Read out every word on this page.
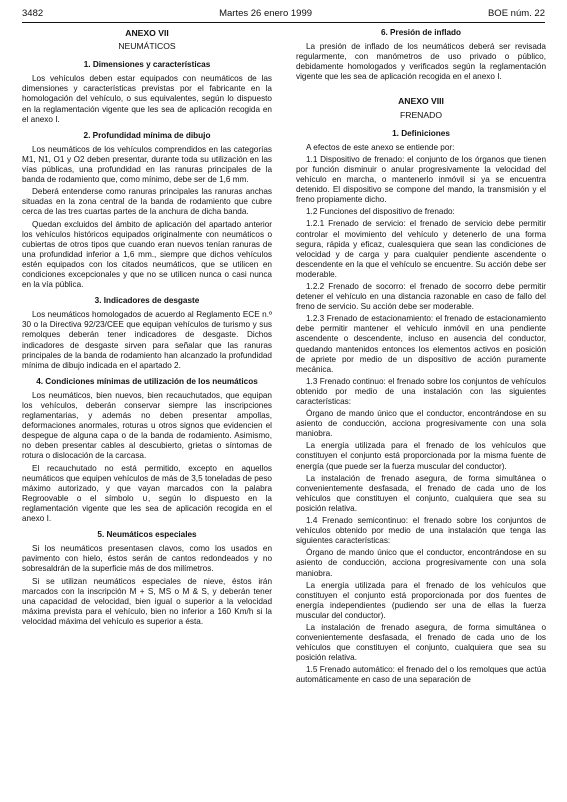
3482	Martes 26 enero 1999	BOE núm. 22
ANEXO VII
NEUMÁTICOS
1. Dimensiones y características

Los vehículos deben estar equipados con neumáticos de las dimensiones y características previstas por el fabricante en la homologación del vehículo, o sus equivalentes, según lo dispuesto en la reglamentación vigente que les sea de aplicación recogida en el anexo I.

2. Profundidad mínima de dibujo

Los neumáticos de los vehículos comprendidos en las categorías M1, N1, O1 y O2 deben presentar, durante toda su utilización en las vías públicas, una profundidad en las ranuras principales de la banda de rodamiento que, como mínimo, debe ser de 1,6 mm.

Deberá entenderse como ranuras principales las ranuras anchas situadas en la zona central de la banda de rodamiento que cubre cerca de las tres cuartas partes de la anchura de dicha banda.

Quedan excluidos del ámbito de aplicación del apartado anterior los vehículos históricos equipados originalmente con neumáticos o cubiertas de otros tipos que cuando eran nuevos tenían ranuras de una profundidad inferior a 1,6 mm., siempre que dichos vehículos estén equipados con los citados neumáticos, que se utilicen en condiciones excepcionales y que no se utilicen nunca o casi nunca en la vía pública.

3. Indicadores de desgaste

Los neumáticos homologados de acuerdo al Reglamento ECE n.º 30 o la Directiva 92/23/CEE que equipan vehículos de turismo y sus remolques deberán tener indicadores de desgaste. Dichos indicadores de desgaste sirven para señalar que las ranuras principales de la banda de rodamiento han alcanzado la profundidad mínima de dibujo indicada en el apartado 2.

4. Condiciones mínimas de utilización de los neumáticos

Los neumáticos, bien nuevos, bien recauchutados, que equipan los vehículos, deberán conservar siempre las inscripciones reglamentarias, y además no deben presentar ampollas, deformaciones anormales, roturas u otros signos que evidencien el despegue de alguna capa o de la banda de rodamiento. Asimismo, no deben presentar cables al descubierto, grietas o síntomas de rotura o dislocación de la carcasa.

El recauchutado no está permitido, excepto en aquellos neumáticos que equipen vehículos de más de 3,5 toneladas de peso máximo autorizado, y que vayan marcados con la palabra Regroovable o el símbolo ∪, según lo dispuesto en la reglamentación vigente que les sea de aplicación recogida en el anexo I.

5. Neumáticos especiales

Si los neumáticos presentasen clavos, como los usados en pavimento con hielo, éstos serán de cantos redondeados y no sobresaldrán de la superficie más de dos milímetros.

Si se utilizan neumáticos especiales de nieve, éstos irán marcados con la inscripción M + S, MS o M & S, y deberán tener una capacidad de velocidad, bien igual o superior a la velocidad máxima prevista para el vehículo, bien no inferior a 160 Km/h si la velocidad máxima del vehículo es superior a ésta.

6. Presión de inflado

La presión de inflado de los neumáticos deberá ser revisada regularmente, con manómetros de uso privado o público, debidamente homologados y verificados según la reglamentación vigente que les sea de aplicación recogida en el anexo I.

ANEXO VIII
FRENADO
1. Definiciones

A efectos de este anexo se entiende por:

1.1 Dispositivo de frenado: el conjunto de los órganos que tienen por función disminuir o anular progresivamente la velocidad del vehículo en marcha, o mantenerlo inmóvil si ya se encuentra detenido. El dispositivo se compone del mando, la transmisión y el freno propiamente dicho.

1.2 Funciones del dispositivo de frenado:

1.2.1 Frenado de servicio: el frenado de servicio debe permitir controlar el movimiento del vehículo y detenerlo de una forma segura, rápida y eficaz, cualesquiera que sean las condiciones de velocidad y de carga y para cualquier pendiente ascendente o descendente en la que el vehículo se encuentre. Su acción debe ser moderable.

1.2.2 Frenado de socorro: el frenado de socorro debe permitir detener el vehículo en una distancia razonable en caso de fallo del freno de servicio. Su acción debe ser moderable.

1.2.3 Frenado de estacionamiento: el frenado de estacionamiento debe permitir mantener el vehículo inmóvil en una pendiente ascendente o descendente, incluso en ausencia del conductor, quedando mantenidos entonces los elementos activos en posición de apriete por medio de un dispositivo de acción puramente mecánica.

1.3 Frenado continuo: el frenado sobre los conjuntos de vehículos obtenido por medio de una instalación con las siguientes características:

Órgano de mando único que el conductor, encontrándose en su asiento de conducción, acciona progresivamente con una sola maniobra.

La energía utilizada para el frenado de los vehículos que constituyen el conjunto está proporcionada por la misma fuente de energía (que puede ser la fuerza muscular del conductor).

La instalación de frenado asegura, de forma simultánea o convenientemente desfasada, el frenado de cada uno de los vehículos que constituyen el conjunto, cualquiera que sea su posición relativa.

1.4 Frenado semicontinuo: el frenado sobre los conjuntos de vehículos obtenido por medio de una instalación que tenga las siguientes características:

Órgano de mando único que el conductor, encontrándose en su asiento de conducción, acciona progresivamente con una sola maniobra.

La energía utilizada para el frenado de los vehículos que constituyen el conjunto está proporcionada por dos fuentes de energía independientes (pudiendo ser una de ellas la fuerza muscular del conductor).

La instalación de frenado asegura, de forma simultánea o convenientemente desfasada, el frenado de cada uno de los vehículos que constituyen el conjunto, cualquiera que sea su posición relativa.

1.5 Frenado automático: el frenado del o los remolques que actúa automáticamente en caso de una separación de
